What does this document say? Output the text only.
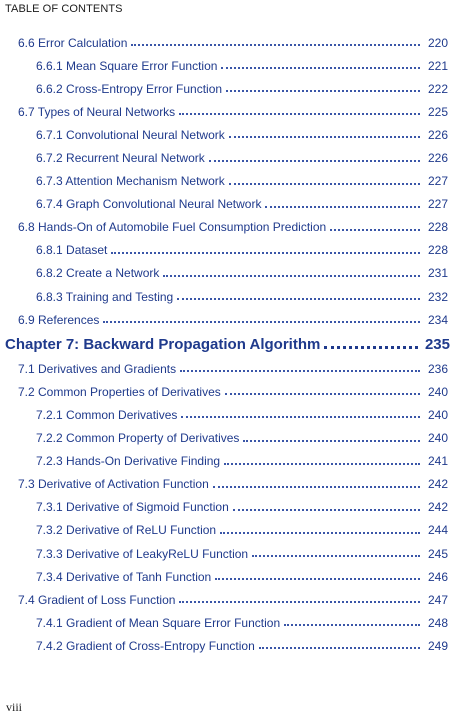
TABLE OF CONTENTS
6.6 Error Calculation	220
6.6.1 Mean Square Error Function	221
6.6.2 Cross-Entropy Error Function	222
6.7 Types of Neural Networks	225
6.7.1 Convolutional Neural Network	226
6.7.2 Recurrent Neural Network	226
6.7.3 Attention Mechanism Network	227
6.7.4 Graph Convolutional Neural Network	227
6.8 Hands-On of Automobile Fuel Consumption Prediction	228
6.8.1 Dataset	228
6.8.2 Create a Network	231
6.8.3 Training and Testing	232
6.9 References	234
Chapter 7: Backward Propagation Algorithm	235
7.1 Derivatives and Gradients	236
7.2 Common Properties of Derivatives	240
7.2.1 Common Derivatives	240
7.2.2 Common Property of Derivatives	240
7.2.3 Hands-On Derivative Finding	241
7.3 Derivative of Activation Function	242
7.3.1 Derivative of Sigmoid Function	242
7.3.2 Derivative of ReLU Function	244
7.3.3 Derivative of LeakyReLU Function	245
7.3.4 Derivative of Tanh Function	246
7.4 Gradient of Loss Function	247
7.4.1 Gradient of Mean Square Error Function	248
7.4.2 Gradient of Cross-Entropy Function	249
viii
